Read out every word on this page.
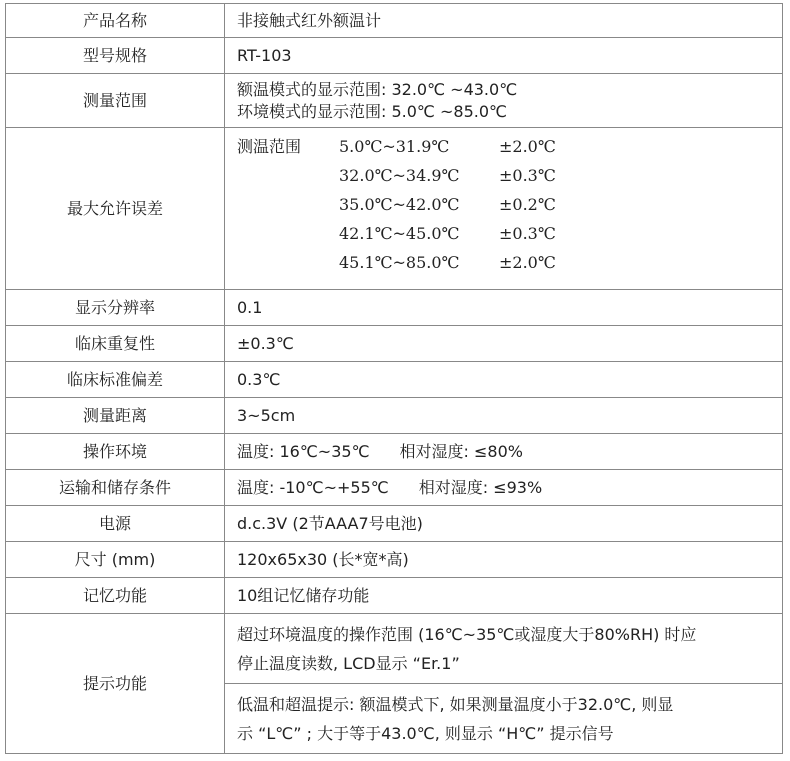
产品名称	非接触式红外额温计
型号规格	RT-103
测量范围	额温模式的显示范围: 32.0℃ ~43.0℃
环境模式的显示范围: 5.0℃ ~85.0℃

最大允许误差	测温范围	5.0℃~31.9℃	±2.0℃
	32.0℃~34.9℃	±0.3℃
	35.0℃~42.0℃	±0.2℃
	42.1℃~45.0℃	±0.3℃
	45.1℃~85.0℃	±2.0℃

显示分辨率	0.1
临床重复性	±0.3℃
临床标准偏差	0.3℃
测量距离	3~5cm
操作环境	温度: 16℃~35℃ 相对湿度: ≤80%
运输和储存条件	温度: -10℃~+55℃ 相对湿度: ≤93%
电源	d.c.3V (2节AAA7号电池)
尺寸 (mm)	120x65x30 (长*宽*高)
记忆功能	10组记忆储存功能
提示功能	超过环境温度的操作范围 (16℃~35℃或湿度大于80%RH) 时应
停止温度读数, LCD显示 “Er.1”

	低温和超温提示: 额温模式下, 如果测量温度小于32.0℃, 则显
示 “L℃” ; 大于等于43.0℃, 则显示 “H℃” 提示信号
